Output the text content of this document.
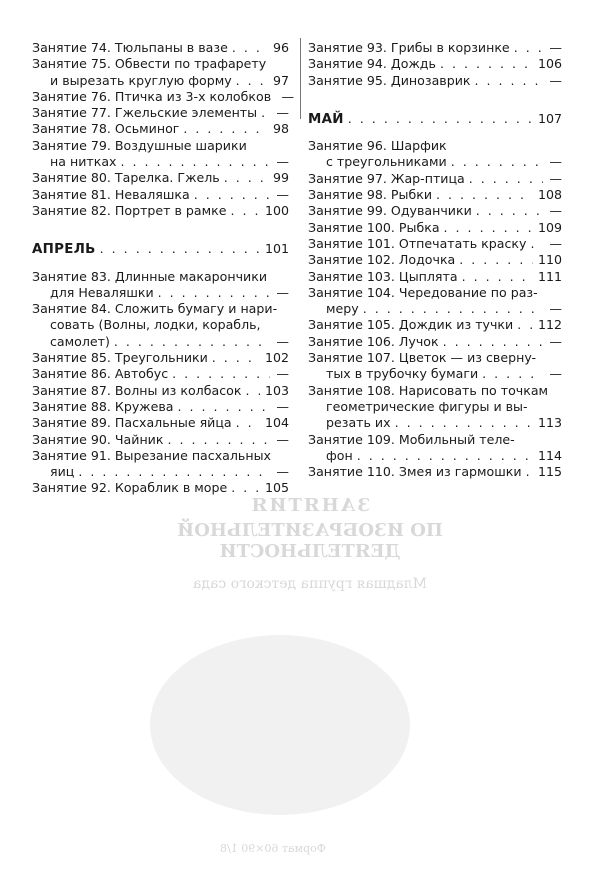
ЗАНЯТИЯ
ПО ИЗОБРАЗИТЕЛЬНОЙ ДЕЯТЕЛЬНОСТИ
Младшая группа детского сада
Формат 60×90 1/8
Занятие 74. Тюльпаны в вазе . . .	96
Занятие 75. Обвести по трафарету
и вырезать круглую форму . . .	97
Занятие 76. Птичка из 3-х колобков —
Занятие 77. Гжельские элементы . . . —
Занятие 78. Осьминог . . .	98
Занятие 79. Воздушные шарики
на нитках . . .	—
Занятие 80. Тарелка. Гжель . . .	99
Занятие 81. Неваляшка . . .	—
Занятие 82. Портрет в рамке . . .	100
АПРЕЛЬ . . .	101
Занятие 83. Длинные макарончики
для Неваляшки . . .	—
Занятие 84. Сложить бумагу и нари-
совать (Волны, лодки, корабль,
самолет) . . .	—
Занятие 85. Треугольники . . .	102
Занятие 86. Автобус . . .	—
Занятие 87. Волны из колбасок . . . 103
Занятие 88. Кружева . . .	—
Занятие 89. Пасхальные яйца . . .	104
Занятие 90. Чайник . . .	—
Занятие 91. Вырезание пасхальных
яиц . . .	—
Занятие 92. Кораблик в море . . .	105
Занятие 93. Грибы в корзинке . . .	—
Занятие 94. Дождь . . .	106
Занятие 95. Динозаврик . . .	—
МАЙ . . .	107
Занятие 96. Шарфик
с треугольниками . . .	—
Занятие 97. Жар-птица . . .	—
Занятие 98. Рыбки . . .	108
Занятие 99. Одуванчики . . .	—
Занятие 100. Рыбка . . .	109
Занятие 101. Отпечатать краску . . . —
Занятие 102. Лодочка . . .	110
Занятие 103. Цыплята . . .	111
Занятие 104. Чередование по раз-
меру . . .	—
Занятие 105. Дождик из тучки . . . 112
Занятие 106. Лучок . . .	—
Занятие 107. Цветок — из свернy-
тых в трубочку бумаги . . .	—
Занятие 108. Нарисовать по точкам
геометрические фигуры и вы-
резать их . . .	113
Занятие 109. Мобильный теле-
фон . . .	114
Занятие 110. Змея из гармошки . . . 115
